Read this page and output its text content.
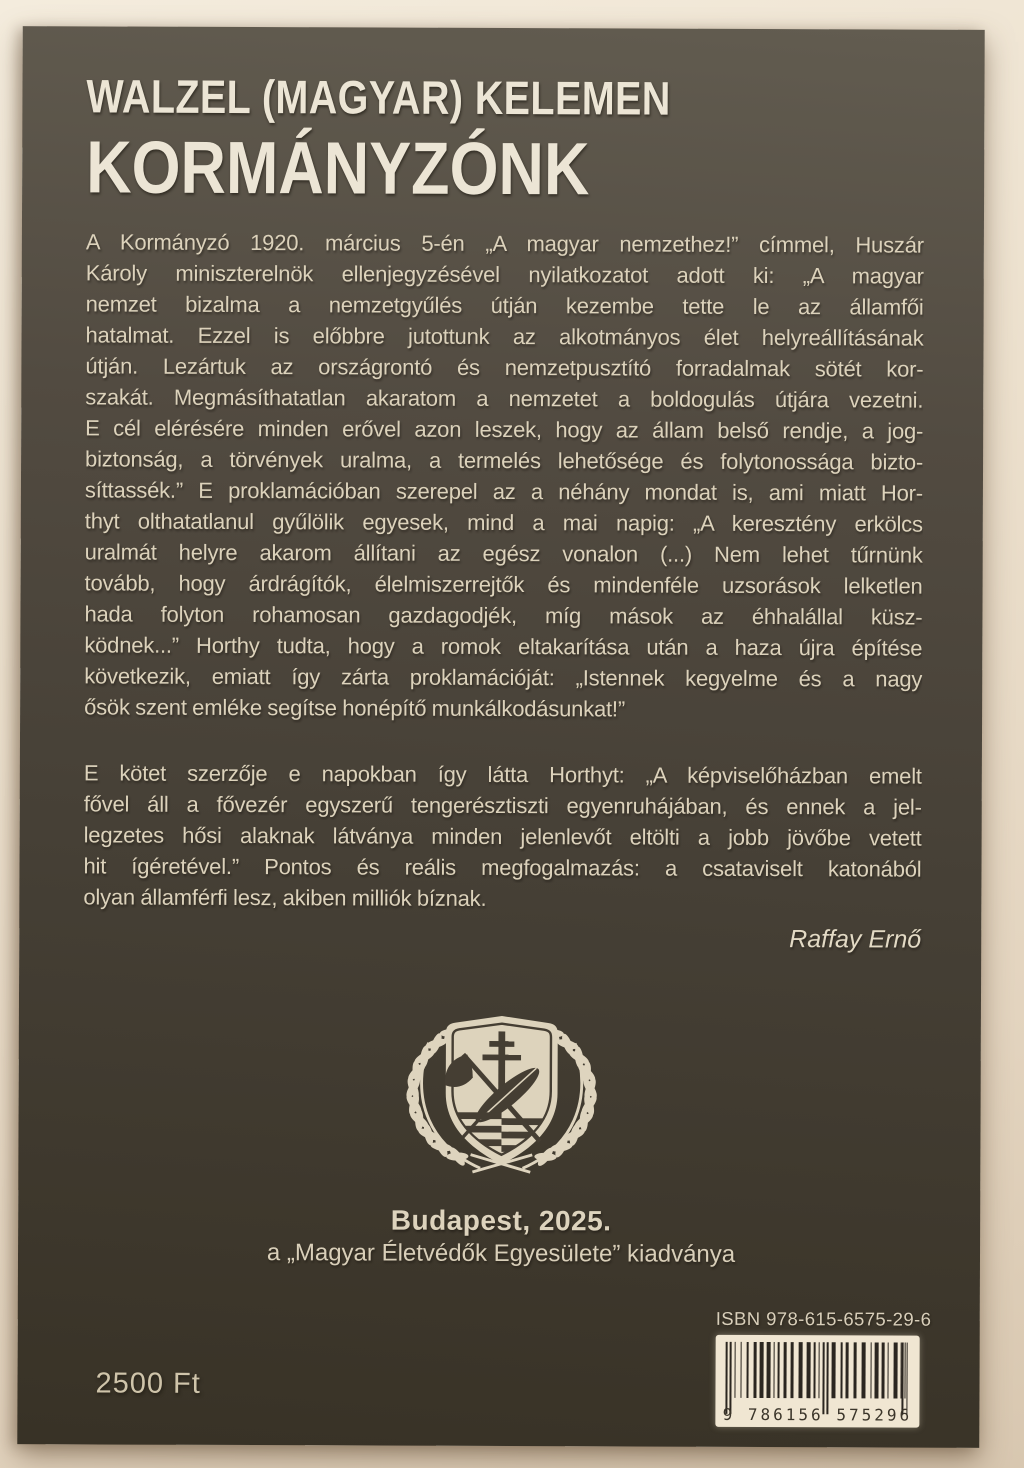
WALZEL (MAGYAR) KELEMEN
KORMÁNYZÓNK
A Kormányzó 1920. március 5-én „A magyar nemzethez!” címmel, Huszár
Károly miniszterelnök ellenjegyzésével nyilatkozatot adott ki: „A magyar
nemzet bizalma a nemzetgyűlés útján kezembe tette le az államfői
hatalmat. Ezzel is előbbre jutottunk az alkotmányos élet helyreállításának
útján. Lezártuk az országrontó és nemzetpusztító forradalmak sötét kor-
szakát. Megmásíthatatlan akaratom a nemzetet a boldogulás útjára vezetni.
E cél elérésére minden erővel azon leszek, hogy az állam belső rendje, a jog-
biztonság, a törvények uralma, a termelés lehetősége és folytonossága bizto-
síttassék.” E proklamációban szerepel az a néhány mondat is, ami miatt Hor-
thyt olthatatlanul gyűlölik egyesek, mind a mai napig: „A keresztény erkölcs
uralmát helyre akarom állítani az egész vonalon (...) Nem lehet tűrnünk
tovább, hogy árdrágítók, élelmiszerrejtők és mindenféle uzsorások lelketlen
hada folyton rohamosan gazdagodjék, míg mások az éhhalállal küsz-
ködnek...” Horthy tudta, hogy a romok eltakarítása után a haza újra építése
következik, emiatt így zárta proklamációját: „Istennek kegyelme és a nagy
ősök szent emléke segítse honépítő munkálkodásunkat!”
E kötet szerzője e napokban így látta Horthyt: „A képviselőházban emelt
fővel áll a fővezér egyszerű tengerésztiszti egyenruhájában, és ennek a jel-
legzetes hősi alaknak látványa minden jelenlevőt eltölti a jobb jövőbe vetett
hit ígéretével.” Pontos és reális megfogalmazás: a csataviselt katonából
olyan államférfi lesz, akiben milliók bíznak.
Raffay Ernő
Budapest, 2025.
a „Magyar Életvédők Egyesülete” kiadványa
ISBN 978-615-6575-29-6
9 786156 575296
2500 Ft
